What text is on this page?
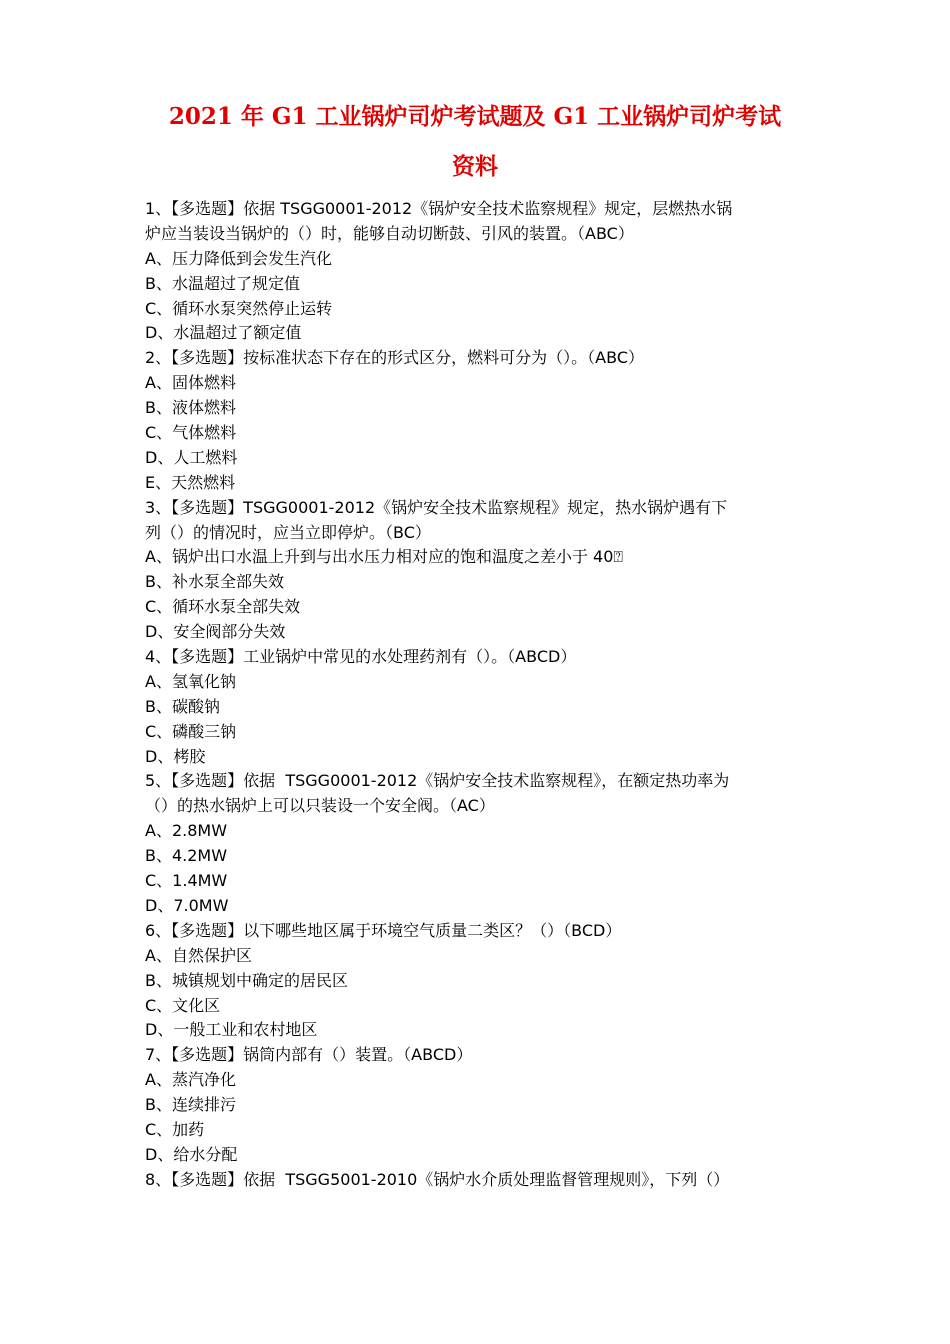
2021 年 G1 工业锅炉司炉考试题及 G1 工业锅炉司炉考试
资料
1、【多选题】依据 TSGG0001-2012《锅炉安全技术监察规程》规定，层燃热水锅
炉应当装设当锅炉的（）时，能够自动切断鼓、引风的装置。（ABC）
A、压力降低到会发生汽化
B、水温超过了规定值
C、循环水泵突然停止运转
D、水温超过了额定值
2、【多选题】按标准状态下存在的形式区分，燃料可分为（）。（ABC）
A、固体燃料
B、液体燃料
C、气体燃料
D、人工燃料
E、天然燃料
3、【多选题】TSGG0001-2012《锅炉安全技术监察规程》规定，热水锅炉遇有下
列（）的情况时，应当立即停炉。（BC）
A、锅炉出口水温上升到与出水压力相对应的饱和温度之差小于 40⍰
B、补水泵全部失效
C、循环水泵全部失效
D、安全阀部分失效
4、【多选题】工业锅炉中常见的水处理药剂有（）。（ABCD）
A、氢氧化钠
B、碳酸钠
C、磷酸三钠
D、栲胶
5、【多选题】依据  TSGG0001-2012《锅炉安全技术监察规程》，在额定热功率为
（）的热水锅炉上可以只装设一个安全阀。（AC）
A、2.8MW
B、4.2MW
C、1.4MW
D、7.0MW
6、【多选题】以下哪些地区属于环境空气质量二类区？（）（BCD）
A、自然保护区
B、城镇规划中确定的居民区
C、文化区
D、一般工业和农村地区
7、【多选题】锅筒内部有（）装置。（ABCD）
A、蒸汽净化
B、连续排污
C、加药
D、给水分配
8、【多选题】依据  TSGG5001-2010《锅炉水介质处理监督管理规则》，下列（）
